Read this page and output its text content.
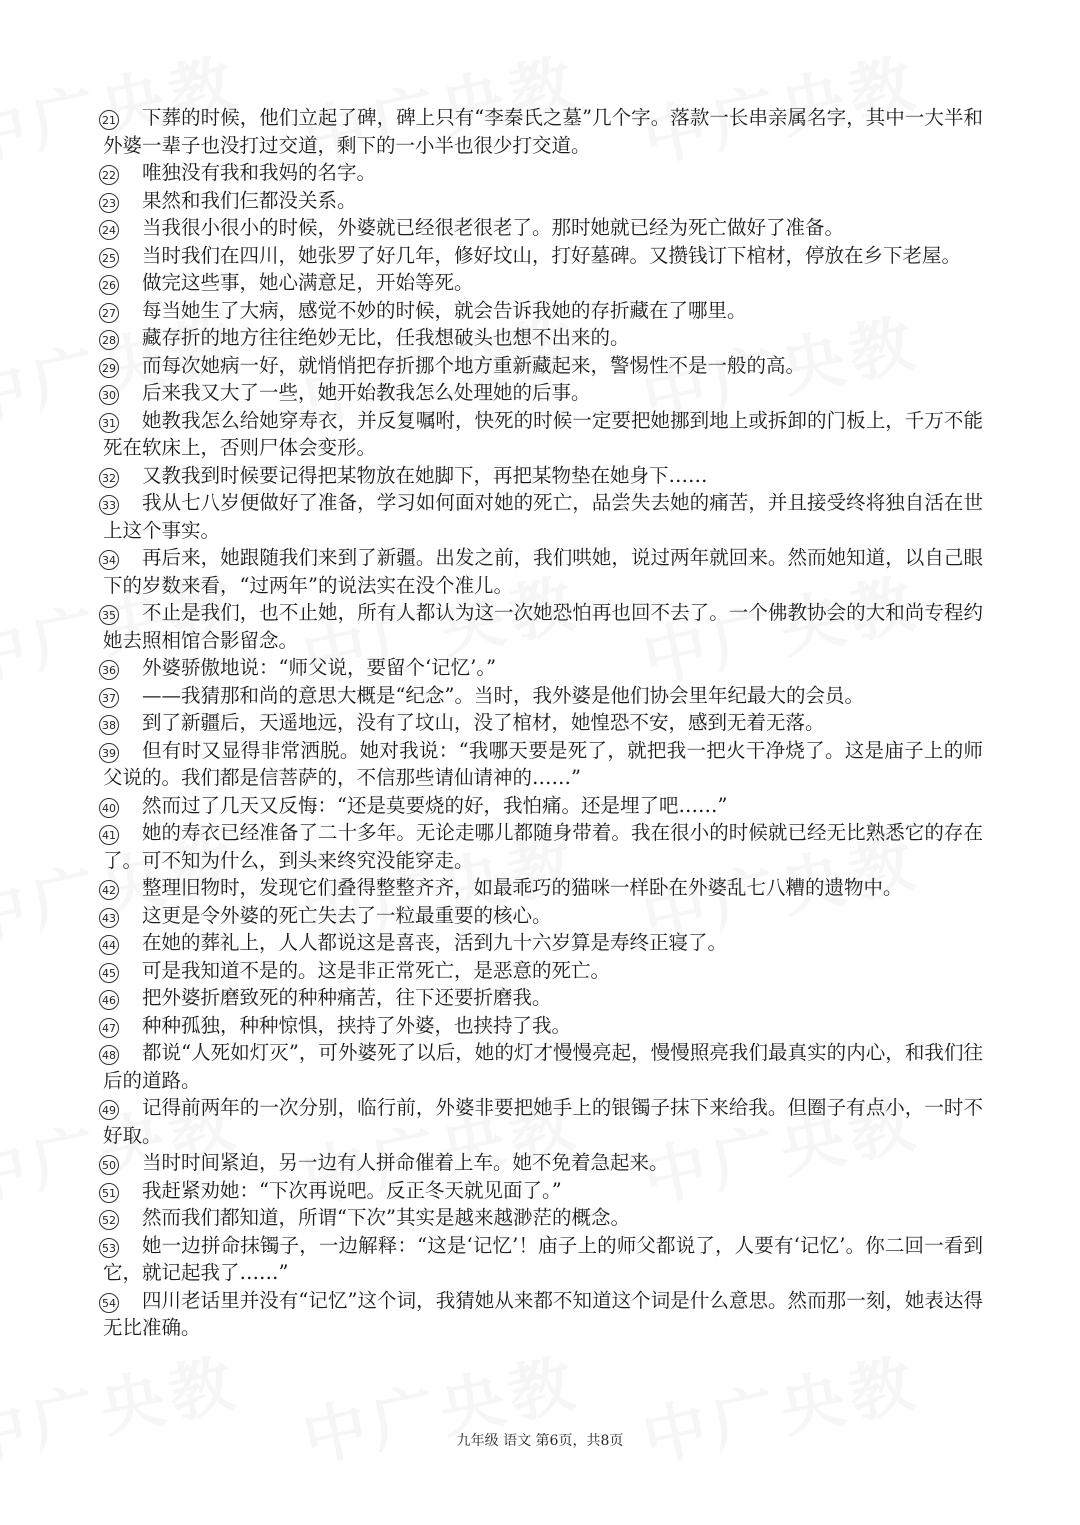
21 下葬的时候，他们立起了碑，碑上只有“李秦氏之墓”几个字。落款一长串亲属名字，其中一大半和外婆一辈子也没打过交道，剩下的一小半也很少打交道。

22 唯独没有我和我妈的名字。

23 果然和我们仨都没关系。

24 当我很小很小的时候，外婆就已经很老很老了。那时她就已经为死亡做好了准备。

25 当时我们在四川，她张罗了好几年，修好坟山，打好墓碑。又攒钱订下棺材，停放在乡下老屋。

26 做完这些事，她心满意足，开始等死。

27 每当她生了大病，感觉不妙的时候，就会告诉我她的存折藏在了哪里。

28 藏存折的地方往往绝妙无比，任我想破头也想不出来的。

29 而每次她病一好，就悄悄把存折挪个地方重新藏起来，警惕性不是一般的高。

30 后来我又大了一些，她开始教我怎么处理她的后事。

31 她教我怎么给她穿寿衣，并反复嘱咐，快死的时候一定要把她挪到地上或拆卸的门板上，千万不能死在软床上，否则尸体会变形。

32 又教我到时候要记得把某物放在她脚下，再把某物垫在她身下……

33 我从七八岁便做好了准备，学习如何面对她的死亡，品尝失去她的痛苦，并且接受终将独自活在世上这个事实。

34 再后来，她跟随我们来到了新疆。出发之前，我们哄她，说过两年就回来。然而她知道，以自己眼下的岁数来看，“过两年”的说法实在没个准儿。

35 不止是我们，也不止她，所有人都认为这一次她恐怕再也回不去了。一个佛教协会的大和尚专程约她去照相馆合影留念。

36 外婆骄傲地说：“师父说，要留个‘记忆’。”

37 ——我猜那和尚的意思大概是“纪念”。当时，我外婆是他们协会里年纪最大的会员。

38 到了新疆后，天遥地远，没有了坟山，没了棺材，她惶恐不安，感到无着无落。

39 但有时又显得非常洒脱。她对我说：“我哪天要是死了，就把我一把火干净烧了。这是庙子上的师父说的。我们都是信菩萨的，不信那些请仙请神的……”

40 然而过了几天又反悔：“还是莫要烧的好，我怕痛。还是埋了吧……”

41 她的寿衣已经准备了二十多年。无论走哪儿都随身带着。我在很小的时候就已经无比熟悉它的存在了。可不知为什么，到头来终究没能穿走。

42 整理旧物时，发现它们叠得整整齐齐，如最乖巧的猫咪一样卧在外婆乱七八糟的遗物中。

43 这更是令外婆的死亡失去了一粒最重要的核心。

44 在她的葬礼上，人人都说这是喜丧，活到九十六岁算是寿终正寝了。

45 可是我知道不是的。这是非正常死亡，是恶意的死亡。

46 把外婆折磨致死的种种痛苦，往下还要折磨我。

47 种种孤独，种种惊惧，挟持了外婆，也挟持了我。

48 都说“人死如灯灭”，可外婆死了以后，她的灯才慢慢亮起，慢慢照亮我们最真实的内心，和我们往后的道路。

49 记得前两年的一次分别，临行前，外婆非要把她手上的银镯子抹下来给我。但圈子有点小，一时不好取。

50 当时时间紧迫，另一边有人拼命催着上车。她不免着急起来。

51 我赶紧劝她：“下次再说吧。反正冬天就见面了。”

52 然而我们都知道，所谓“下次”其实是越来越渺茫的概念。

53 她一边拼命抹镯子，一边解释：“这是‘记忆’！庙子上的师父都说了，人要有‘记忆’。你二回一看到它，就记起我了……”

54 四川老话里并没有“记忆”这个词，我猜她从来都不知道这个词是什么意思。然而那一刻，她表达得无比准确。

九年级 语文 第6页，共8页
